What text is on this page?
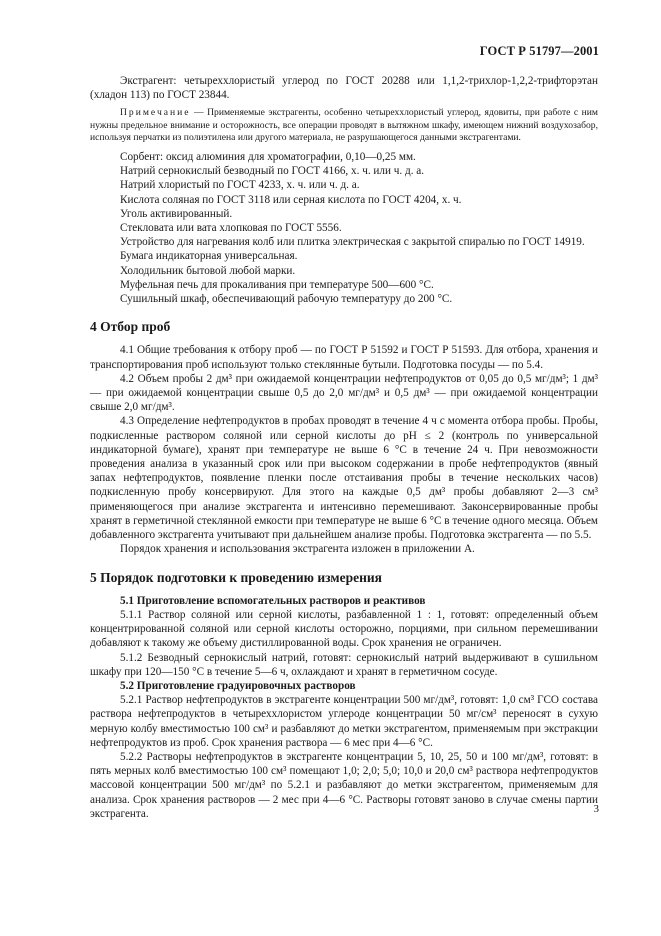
ГОСТ Р 51797—2001

Экстрагент: четыреххлористый углерод по ГОСТ 20288 или 1,1,2-трихлор-1,2,2-трифторэтан (хладон 113) по ГОСТ 23844.

Примечание — Применяемые экстрагенты, особенно четыреххлористый углерод, ядовиты, при работе с ним нужны предельное внимание и осторожность, все операции проводят в вытяжном шкафу, имеющем нижний воздухозабор, используя перчатки из полиэтилена или другого материала, не разрушающегося данными экстрагентами.

Сорбент: оксид алюминия для хроматографии, 0,10—0,25 мм.

Натрий сернокислый безводный по ГОСТ 4166, х. ч. или ч. д. а.

Натрий хлористый по ГОСТ 4233, х. ч. или ч. д. а.

Кислота соляная по ГОСТ 3118 или серная кислота по ГОСТ 4204, х. ч.

Уголь активированный.

Стекловата или вата хлопковая по ГОСТ 5556.

Устройство для нагревания колб или плитка электрическая с закрытой спиралью по ГОСТ 14919.

Бумага индикаторная универсальная.

Холодильник бытовой любой марки.

Муфельная печь для прокаливания при температуре 500—600 °С.

Сушильный шкаф, обеспечивающий рабочую температуру до 200 °С.

4 Отбор проб

4.1 Общие требования к отбору проб — по ГОСТ Р 51592 и ГОСТ Р 51593. Для отбора, хранения и транспортирования проб используют только стеклянные бутыли. Подготовка посуды — по 5.4.

4.2 Объем пробы 2 дм³ при ожидаемой концентрации нефтепродуктов от 0,05 до 0,5 мг/дм³; 1 дм³ — при ожидаемой концентрации свыше 0,5 до 2,0 мг/дм³ и 0,5 дм³ — при ожидаемой концентрации свыше 2,0 мг/дм³.

4.3 Определение нефтепродуктов в пробах проводят в течение 4 ч с момента отбора пробы. Пробы, подкисленные раствором соляной или серной кислоты до pH ≤ 2 (контроль по универсальной индикаторной бумаге), хранят при температуре не выше 6 °С в течение 24 ч. При невозможности проведения анализа в указанный срок или при высоком содержании в пробе нефтепродуктов (явный запах нефтепродуктов, появление пленки после отстаивания пробы в течение нескольких часов) подкисленную пробу консервируют. Для этого на каждые 0,5 дм³ пробы добавляют 2—3 см³ применяющегося при анализе экстрагента и интенсивно перемешивают. Законсервированные пробы хранят в герметичной стеклянной емкости при температуре не выше 6 °С в течение одного месяца. Объем добавленного экстрагента учитывают при дальнейшем анализе пробы. Подготовка экстрагента — по 5.5.

Порядок хранения и использования экстрагента изложен в приложении А.

5 Порядок подготовки к проведению измерения
5.1 Приготовление вспомогательных растворов и реактивов

5.1.1 Раствор соляной или серной кислоты, разбавленной 1 : 1, готовят: определенный объем концентрированной соляной или серной кислоты осторожно, порциями, при сильном перемешивании добавляют к такому же объему дистиллированной воды. Срок хранения не ограничен.

5.1.2 Безводный сернокислый натрий, готовят: сернокислый натрий выдерживают в сушильном шкафу при 120—150 °С в течение 5—6 ч, охлаждают и хранят в герметичном сосуде.

5.2 Приготовление градуировочных растворов

5.2.1 Раствор нефтепродуктов в экстрагенте концентрации 500 мг/дм³, готовят: 1,0 см³ ГСО состава раствора нефтепродуктов в четыреххлористом углероде концентрации 50 мг/см³ переносят в сухую мерную колбу вместимостью 100 см³ и разбавляют до метки экстрагентом, применяемым при экстракции нефтепродуктов из проб. Срок хранения раствора — 6 мес при 4—6 °С.

5.2.2 Растворы нефтепродуктов в экстрагенте концентрации 5, 10, 25, 50 и 100 мг/дм³, готовят: в пять мерных колб вместимостью 100 см³ помещают 1,0; 2,0; 5,0; 10,0 и 20,0 см³ раствора нефтепродуктов массовой концентрации 500 мг/дм³ по 5.2.1 и разбавляют до метки экстрагентом, применяемым для анализа. Срок хранения растворов — 2 мес при 4—6 °С. Растворы готовят заново в случае смены партии экстрагента.	3
